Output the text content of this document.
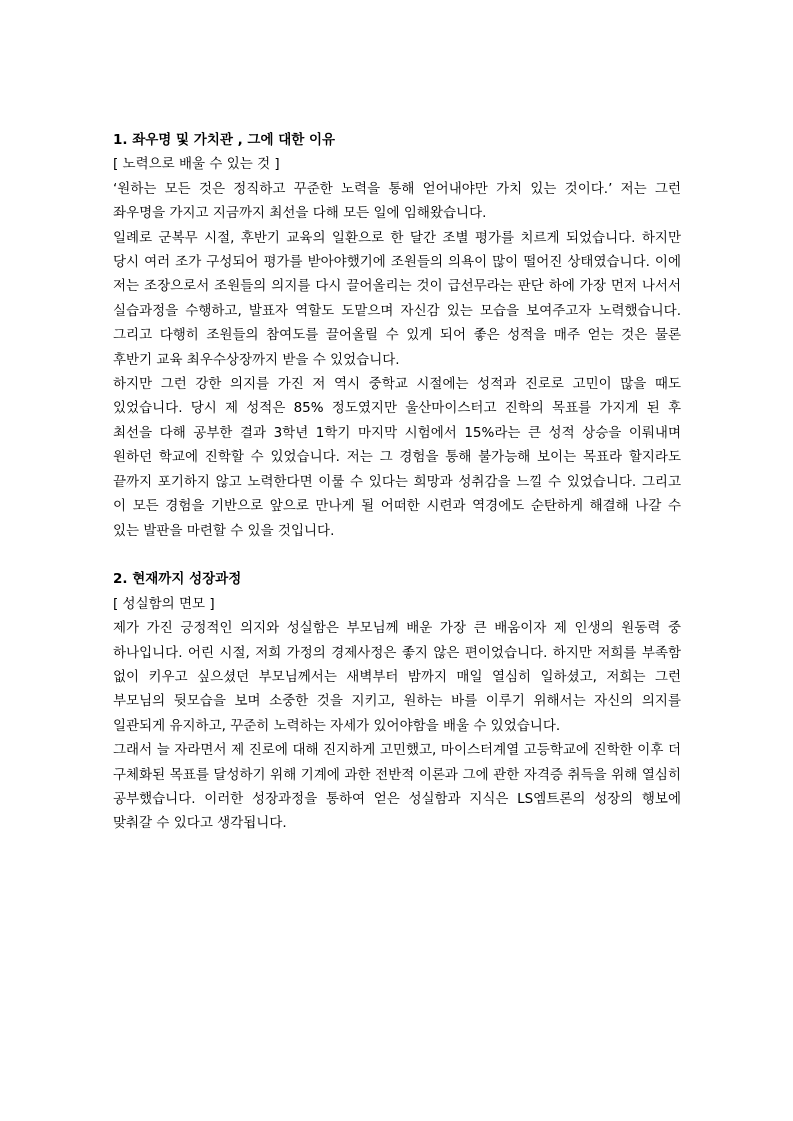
1. 좌우명 및 가치관 , 그에 대한 이유

[ 노력으로 배울 수 있는 것 ]

‘원하는 모든 것은 정직하고 꾸준한 노력을 통해 얻어내야만 가치 있는 것이다.’ 저는 그런 좌우명을 가지고 지금까지 최선을 다해 모든 일에 임해왔습니다.

일례로 군복무 시절, 후반기 교육의 일환으로 한 달간 조별 평가를 치르게 되었습니다. 하지만 당시 여러 조가 구성되어 평가를 받아야했기에 조원들의 의욕이 많이 떨어진 상태였습니다. 이에 저는 조장으로서 조원들의 의지를 다시 끌어올리는 것이 급선무라는 판단 하에 가장 먼저 나서서 실습과정을 수행하고, 발표자 역할도 도맡으며 자신감 있는 모습을 보여주고자 노력했습니다. 그리고 다행히 조원들의 참여도를 끌어올릴 수 있게 되어 좋은 성적을 매주 얻는 것은 물론 후반기 교육 최우수상장까지 받을 수 있었습니다.

하지만 그런 강한 의지를 가진 저 역시 중학교 시절에는 성적과 진로로 고민이 많을 때도 있었습니다. 당시 제 성적은 85% 정도였지만 울산마이스터고 진학의 목표를 가지게 된 후 최선을 다해 공부한 결과 3학년 1학기 마지막 시험에서 15%라는 큰 성적 상승을 이뤄내며 원하던 학교에 진학할 수 있었습니다. 저는 그 경험을 통해 불가능해 보이는 목표라 할지라도 끝까지 포기하지 않고 노력한다면 이룰 수 있다는 희망과 성취감을 느낄 수 있었습니다. 그리고 이 모든 경험을 기반으로 앞으로 만나게 될 어떠한 시련과 역경에도 순탄하게 해결해 나갈 수 있는 발판을 마련할 수 있을 것입니다.

2. 현재까지 성장과정

[ 성실함의 면모 ]

제가 가진 긍정적인 의지와 성실함은 부모님께 배운 가장 큰 배움이자 제 인생의 원동력 중 하나입니다. 어린 시절, 저희 가정의 경제사정은 좋지 않은 편이었습니다. 하지만 저희를 부족함 없이 키우고 싶으셨던 부모님께서는 새벽부터 밤까지 매일 열심히 일하셨고, 저희는 그런 부모님의 뒷모습을 보며 소중한 것을 지키고, 원하는 바를 이루기 위해서는 자신의 의지를 일관되게 유지하고, 꾸준히 노력하는 자세가 있어야함을 배울 수 있었습니다.

그래서 늘 자라면서 제 진로에 대해 진지하게 고민했고, 마이스터계열 고등학교에 진학한 이후 더 구체화된 목표를 달성하기 위해 기계에 과한 전반적 이론과 그에 관한 자격증 취득을 위해 열심히 공부했습니다. 이러한 성장과정을 통하여 얻은 성실함과 지식은 LS엠트론의 성장의 행보에 맞춰갈 수 있다고 생각됩니다.
